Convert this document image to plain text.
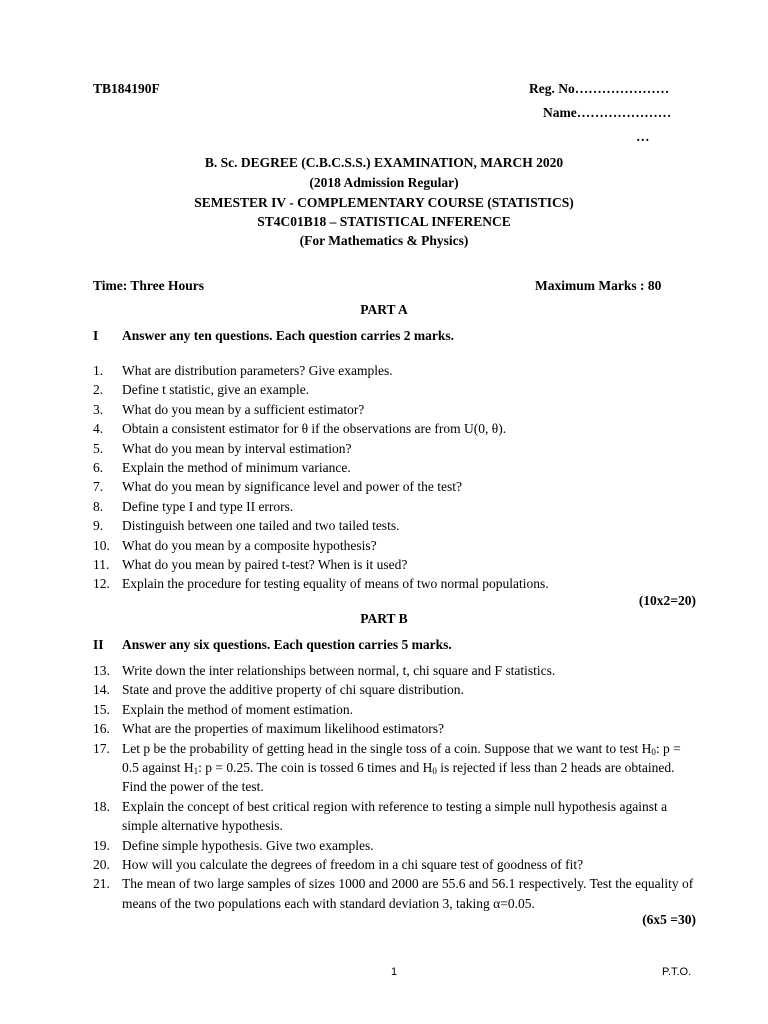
TB184190F	Reg. No…………………
Name…………………
…
B. Sc. DEGREE (C.B.C.S.S.) EXAMINATION, MARCH 2020
(2018 Admission Regular)
SEMESTER IV - COMPLEMENTARY COURSE (STATISTICS)
ST4C01B18 – STATISTICAL INFERENCE
(For Mathematics & Physics)
Time: Three Hours	Maximum Marks : 80
PART A
I Answer any ten questions. Each question carries 2 marks.
1.	What are distribution parameters? Give examples.
2.	Define t statistic, give an example.
3.	What do you mean by a sufficient estimator?
4.	Obtain a consistent estimator for θ if the observations are from U(0, θ).
5.	What do you mean by interval estimation?
6.	Explain the method of minimum variance.
7.	What do you mean by significance level and power of the test?
8.	Define type I and type II errors.
9.	Distinguish between one tailed and two tailed tests.
10. What do you mean by a composite hypothesis?
11. What do you mean by paired t-test? When is it used?
12. Explain the procedure for testing equality of means of two normal populations.
(10x2=20)
PART B
II Answer any six questions. Each question carries 5 marks.
13. Write down the inter relationships between normal, t, chi square and F statistics.
14. State and prove the additive property of chi square distribution.
15. Explain the method of moment estimation.
16. What are the properties of maximum likelihood estimators?
17. Let p be the probability of getting head in the single toss of a coin. Suppose that we want to test $H_0$: p = 0.5 against $H_1$: p = 0.25. The coin is tossed 6 times and $H_0$ is rejected if less than 2 heads are obtained. Find the power of the test.
18. Explain the concept of best critical region with reference to testing a simple null hypothesis against a simple alternative hypothesis.
19. Define simple hypothesis. Give two examples.
20. How will you calculate the degrees of freedom in a chi square test of goodness of fit?
21. The mean of two large samples of sizes 1000 and 2000 are 55.6 and 56.1 respectively. Test the equality of means of the two populations each with standard deviation 3, taking α=0.05.
(6x5 =30)
1	P.T.O.
